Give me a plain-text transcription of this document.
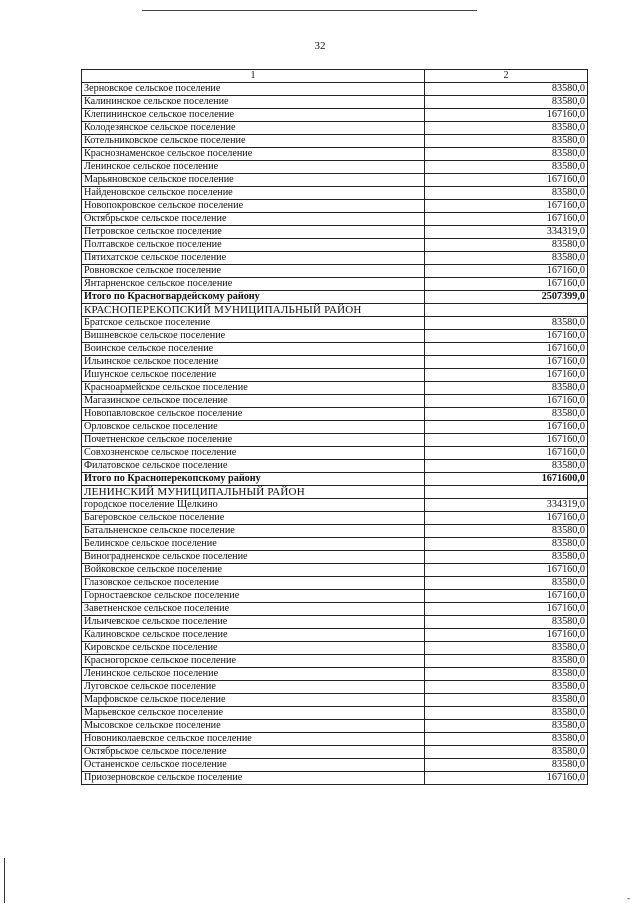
32
1	2
Зерновское сельское поселение	83580,0
Калининское сельское поселение	83580,0
Клепининское сельское поселение	167160,0
Колодезянское сельское поселение	83580,0
Котельниковское сельское поселение	83580,0
Краснознаменское сельское поселение	83580,0
Ленинское сельское поселение	83580,0
Марьяновское сельское поселение	167160,0
Найденовское сельское поселение	83580,0
Новопокровское сельское поселение	167160,0
Октябрьское сельское поселение	167160,0
Петровское сельское поселение	334319,0
Полтавское сельское поселение	83580,0
Пятихатское сельское поселение	83580,0
Ровновское сельское поселение	167160,0
Янтарненское сельское поселение	167160,0
Итого по Красногвардейскому району	2507399,0
КРАСНОПЕРЕКОПСКИЙ МУНИЦИПАЛЬНЫЙ РАЙОН	
Братское сельское поселение	83580,0
Вишневское сельское поселение	167160,0
Воинское сельское поселение	167160,0
Ильинское сельское поселение	167160,0
Ишунское сельское поселение	167160,0
Красноармейское сельское поселение	83580,0
Магазинское сельское поселение	167160,0
Новопавловское сельское поселение	83580,0
Орловское сельское поселение	167160,0
Почетненское сельское поселение	167160,0
Совхозненское сельское поселение	167160,0
Филатовское сельское поселение	83580,0
Итого по Красноперекопскому району	1671600,0
ЛЕНИНСКИЙ МУНИЦИПАЛЬНЫЙ РАЙОН	
городское поселение Щелкино	334319,0
Багеровское сельское поселение	167160,0
Батальненское сельское поселение	83580,0
Белинское сельское поселение	83580,0
Виноградненское сельское поселение	83580,0
Войковское сельское поселение	167160,0
Глазовское сельское поселение	83580,0
Горностаевское сельское поселение	167160,0
Заветненское сельское поселение	167160,0
Ильичевское сельское поселение	83580,0
Калиновское сельское поселение	167160,0
Кировское сельское поселение	83580,0
Красногорское сельское поселение	83580,0
Ленинское сельское поселение	83580,0
Луговское сельское поселение	83580,0
Марфовское сельское поселение	83580,0
Марьевское сельское поселение	83580,0
Мысовское сельское поселение	83580,0
Новониколаевское сельское поселение	83580,0
Октябрьское сельское поселение	83580,0
Останенское сельское поселение	83580,0
Приозерновское сельское поселение	167160,0
-
